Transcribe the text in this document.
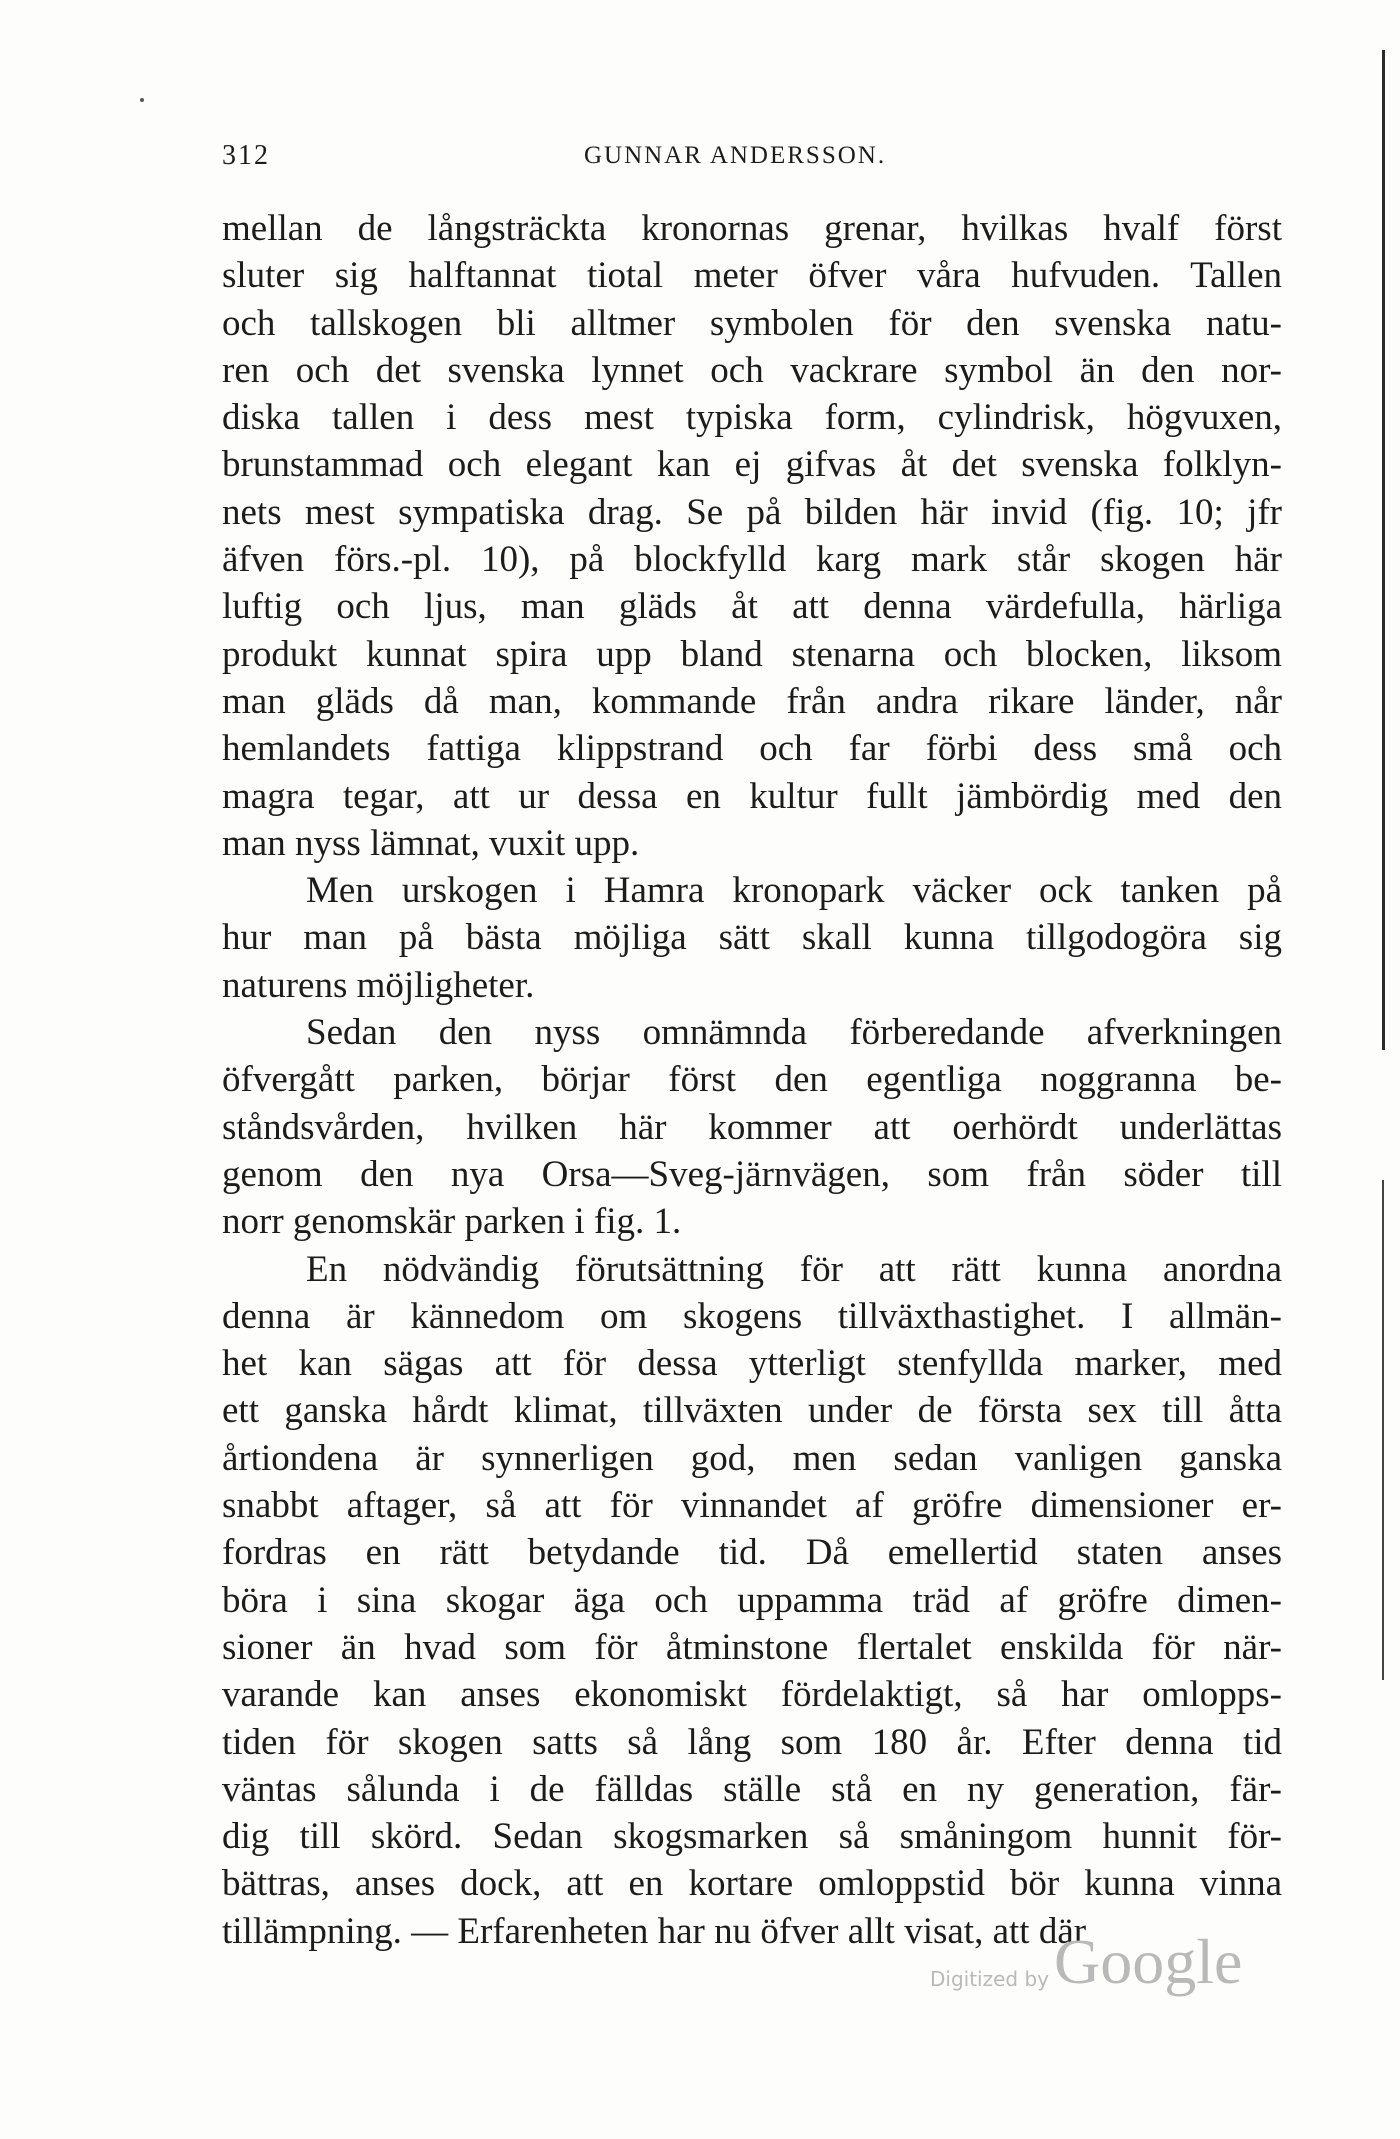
312	GUNNAR ANDERSSON.
mellan de långsträckta kronornas grenar, hvilkas hvalf först
sluter sig halftannat tiotal meter öfver våra hufvuden. Tallen
och tallskogen bli alltmer symbolen för den svenska natu-
ren och det svenska lynnet och vackrare symbol än den nor-
diska tallen i dess mest typiska form, cylindrisk, högvuxen,
brunstammad och elegant kan ej gifvas åt det svenska folklyn-
nets mest sympatiska drag. Se på bilden här invid (fig. 10; jfr
äfven förs.-pl. 10), på blockfylld karg mark står skogen här
luftig och ljus, man gläds åt att denna värdefulla, härliga
produkt kunnat spira upp bland stenarna och blocken, liksom
man gläds då man, kommande från andra rikare länder, når
hemlandets fattiga klippstrand och far förbi dess små och
magra tegar, att ur dessa en kultur fullt jämbördig med den
man nyss lämnat, vuxit upp.
Men urskogen i Hamra kronopark väcker ock tanken på
hur man på bästa möjliga sätt skall kunna tillgodogöra sig
naturens möjligheter.
Sedan den nyss omnämnda förberedande afverkningen
öfvergått parken, börjar först den egentliga noggranna be-
ståndsvården, hvilken här kommer att oerhördt underlättas
genom den nya Orsa—Sveg-järnvägen, som från söder till
norr genomskär parken i fig. 1.
En nödvändig förutsättning för att rätt kunna anordna
denna är kännedom om skogens tillväxthastighet. I allmän-
het kan sägas att för dessa ytterligt stenfyllda marker, med
ett ganska hårdt klimat, tillväxten under de första sex till åtta
årtiondena är synnerligen god, men sedan vanligen ganska
snabbt aftager, så att för vinnandet af gröfre dimensioner er-
fordras en rätt betydande tid. Då emellertid staten anses
böra i sina skogar äga och uppamma träd af gröfre dimen-
sioner än hvad som för åtminstone flertalet enskilda för när-
varande kan anses ekonomiskt fördelaktigt, så har omlopps-
tiden för skogen satts så lång som 180 år. Efter denna tid
väntas sålunda i de fälldas ställe stå en ny generation, fär-
dig till skörd. Sedan skogsmarken så småningom hunnit för-
bättras, anses dock, att en kortare omloppstid bör kunna vinna
tillämpning. — Erfarenheten har nu öfver allt visat, att där
Digitized by Google
